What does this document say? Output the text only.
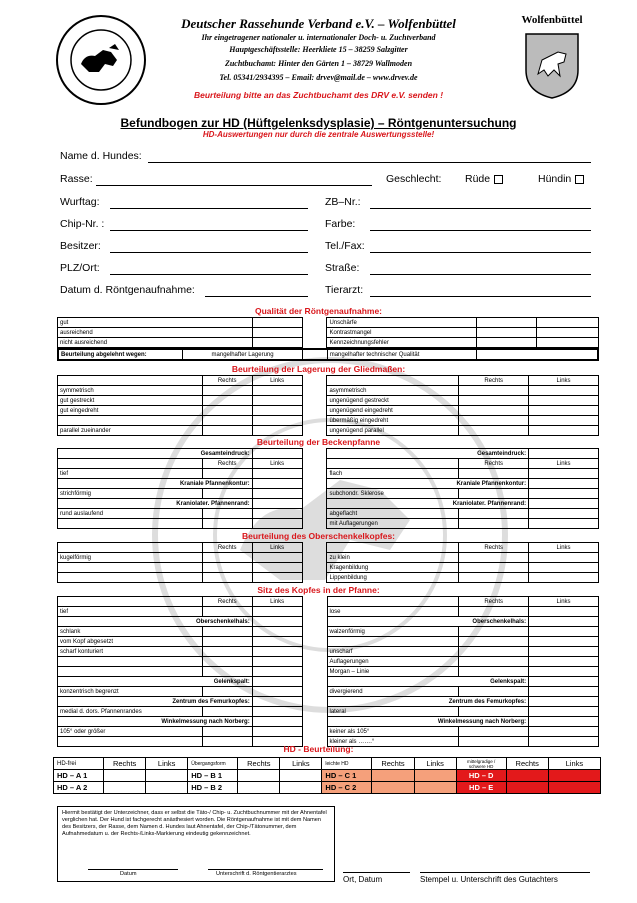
Deutscher Rassehunde Verband e.V. – Wolfenbüttel
Ihr eingetragener nationaler u. internationaler Doch- u. Zuchtverband
Hauptgeschäftsstelle: Heerkliete 15 – 38259 Salzgitter
Zuchtbuchamt: Hinter den Gärten 1 – 38729 Wallmoden
Tel. 05341/2934395 – Email: drvev@mail.de – www.drvev.de
Beurteilung bitte an das Zuchtbuchamt des DRV e.V. senden !
Wolfenbüttel
Befundbogen zur HD (Hüftgelenksdysplasie) – Röntgenuntersuchung
HD-Auswertungen nur durch die zentrale Auswertungsstelle!
Name d. Hundes:
Rasse:	Geschlecht: Rüde	Hündin
Wurftag:	ZB–Nr.:
Chip-Nr. :	Farbe:
Besitzer:	Tel./Fax:
PLZ/Ort:	Straße:
Datum d. Röntgenaufnahme:	Tierarzt:
Qualität der Röntgenaufnahme:
gut			Unschärfe		
ausreichend			Kontrastmangel		
nicht ausreichend			Kennzeichnungsfehler		
Beurteilung abgelehnt wegen:	mangelhafter Lagerung		mangelhafter technischer Qualität	
Beurteilung der Lagerung der Gliedmaßen:
	Rechts	Links			Rechts	Links
symmetrisch				asymmetrisch		
gut gestreckt				ungenügend gestreckt		
gut eingedreht				ungenügend eingedreht		
				übermäßig eingedreht		
parallel zueinander				ungenügend parallel		
Beurteilung der Beckenpfanne
Gesamteindruck:				Gesamteindruck:		
	Rechts	Links			Rechts	Links
tief				flach		
Kraniale Pfannenkontur:				Kraniale Pfannenkontur:		
strichförmig				subchondr. Sklerose		
Kraniolater. Pfannenrand:				Kraniolater. Pfannenrand:		
rund auslaufend				abgeflacht		
				mit Auflagerungen		
Beurteilung des Oberschenkelkopfes:
	Rechts	Links			Rechts	Links
kugelförmig				zu klein		
				Kragenbildung		
				Lippenbildung		
Sitz des Kopfes in der Pfanne:
	Rechts	Links			Rechts	Links
tief				lose		
Oberschenkelhals:				Oberschenkelhals:		
schlank				walzenförmig		
vom Kopf abgesetzt						
scharf konturiert				unscharf		
				Auflagerungen		
				Morgan – Linie		
Gelenkspalt:				Gelenkspalt:		
konzentrisch begrenzt				divergierend		
Zentrum des Femurkopfes:				Zentrum des Femurkopfes:		
medial d. dors. Pfannenrandes				lateral		
Winkelmessung nach Norberg:				Winkelmessung nach Norberg:		
105° oder größer				keiner als 105°		
				kleiner als …….°		
HD - Beurteilung:
HD-frei	Rechts	Links	Übergangsform	Rechts	Links	leichte HD	Rechts	Links	mittelgradige / schwere HD	Rechts	Links
HD – A 1			HD – B 1			HD – C 1			HD – D		
HD – A 2			HD – B 2			HD – C 2			HD – E		
Hiermit bestätigt der Unterzeichner, dass er selbst die Täto-/ Chip- u. Zuchtbuchnummer mit der Ahnentafel verglichen hat. Der Hund ist fachgerecht anästhesiert worden. Die Röntgenaufnahme ist mit dem Namen des Besitzers, der Rasse, dem Namen d. Hundes laut Ahnentafel, der Chip-/Tätonummer, dem Aufnahmedatum u. der Rechts-/Links-Markierung eindeutig gekennzeichnet.
Datum	Unterschrift d. Röntgentierarztes
Ort, Datum	Stempel u. Unterschrift des Gutachters
